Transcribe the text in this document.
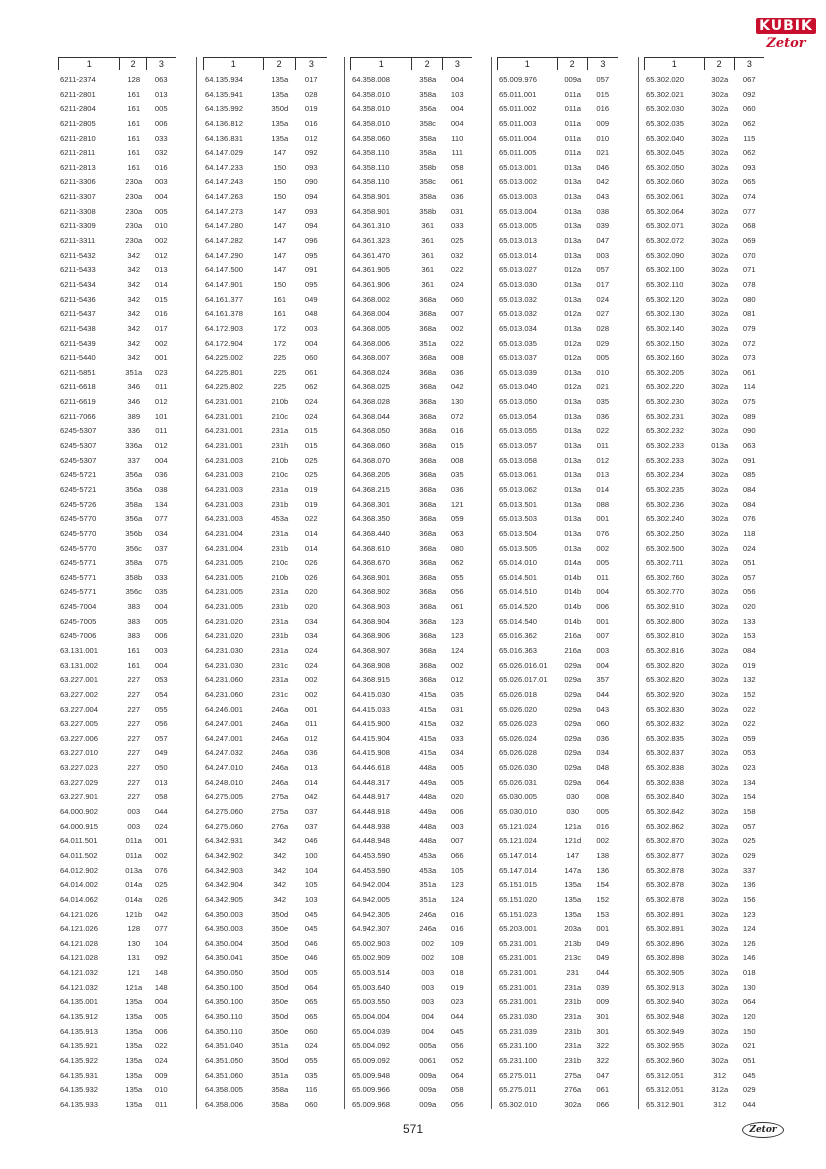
KUBIK
Zetor
1	2	3
6211-2374	128	063
6211-2801	161	013
6211-2804	161	005
6211-2805	161	006
6211-2810	161	033
6211-2811	161	032
6211-2813	161	016
6211-3306	230a	003
6211-3307	230a	004
6211-3308	230a	005
6211-3309	230a	010
6211-3311	230a	002
6211-5432	342	012
6211-5433	342	013
6211-5434	342	014
6211-5436	342	015
6211-5437	342	016
6211-5438	342	017
6211-5439	342	002
6211-5440	342	001
6211-5851	351a	023
6211-6618	346	011
6211-6619	346	012
6211-7066	389	101
6245-5307	336	011
6245-5307	336a	012
6245-5307	337	004
6245-5721	356a	036
6245-5721	356a	038
6245-5726	358a	134
6245-5770	356a	077
6245-5770	356b	034
6245-5770	356c	037
6245-5771	358a	075
6245-5771	358b	033
6245-5771	356c	035
6245-7004	383	004
6245-7005	383	005
6245-7006	383	006
63.131.001	161	003
63.131.002	161	004
63.227.001	227	053
63.227.002	227	054
63.227.004	227	055
63.227.005	227	056
63.227.006	227	057
63.227.010	227	049
63.227.023	227	050
63.227.029	227	013
63.227.901	227	058
64.000.902	003	044
64.000.915	003	024
64.011.501	011a	001
64.011.502	011a	002
64.012.902	013a	076
64.014.002	014a	025
64.014.062	014a	026
64.121.026	121b	042
64.121.026	128	077
64.121.028	130	104
64.121.028	131	092
64.121.032	121	148
64.121.032	121a	148
64.135.001	135a	004
64.135.912	135a	005
64.135.913	135a	006
64.135.921	135a	022
64.135.922	135a	024
64.135.931	135a	009
64.135.932	135a	010
64.135.933	135a	011
1	2	3
64.135.934	135a	017
64.135.941	135a	028
64.135.992	350d	019
64.136.812	135a	016
64.136.831	135a	012
64.147.029	147	092
64.147.233	150	093
64.147.243	150	090
64.147.263	150	094
64.147.273	147	093
64.147.280	147	094
64.147.282	147	096
64.147.290	147	095
64.147.500	147	091
64.147.901	150	095
64.161.377	161	049
64.161.378	161	048
64.172.903	172	003
64.172.904	172	004
64.225.002	225	060
64.225.801	225	061
64.225.802	225	062
64.231.001	210b	024
64.231.001	210c	024
64.231.001	231a	015
64.231.001	231h	015
64.231.003	210b	025
64.231.003	210c	025
64.231.003	231a	019
64.231.003	231b	019
64.231.003	453a	022
64.231.004	231a	014
64.231.004	231b	014
64.231.005	210c	026
64.231.005	210b	026
64.231.005	231a	020
64.231.005	231b	020
64.231.020	231a	034
64.231.020	231b	034
64.231.030	231a	024
64.231.030	231c	024
64.231.060	231a	002
64.231.060	231c	002
64.246.001	246a	001
64.247.001	246a	011
64.247.001	246a	012
64.247.032	246a	036
64.247.010	246a	013
64.248.010	246a	014
64.275.005	275a	042
64.275.060	275a	037
64.275.060	276a	037
64.342.931	342	046
64.342.902	342	100
64.342.903	342	104
64.342.904	342	105
64.342.905	342	103
64.350.003	350d	045
64.350.003	350e	045
64.350.004	350d	046
64.350.041	350e	046
64.350.050	350d	005
64.350.100	350d	064
64.350.100	350e	065
64.350.110	350d	065
64.350.110	350e	060
64.351.040	351a	024
64.351.050	350d	055
64.351.060	351a	035
64.358.005	358a	116
64.358.006	358a	060
1	2	3
64.358.008	358a	004
64.358.010	358a	103
64.358.010	356a	004
64.358.010	358c	004
64.358.060	358a	110
64.358.110	358a	111
64.358.110	358b	058
64.358.110	358c	061
64.358.901	358a	036
64.358.901	358b	031
64.361.310	361	033
64.361.323	361	025
64.361.470	361	032
64.361.905	361	022
64.361.906	361	024
64.368.002	368a	060
64.368.004	368a	007
64.368.005	368a	002
64.368.006	351a	022
64.368.007	368a	008
64.368.024	368a	036
64.368.025	368a	042
64.368.028	368a	130
64.368.044	368a	072
64.368.050	368a	016
64.368.060	368a	015
64.368.070	368a	008
64.368.205	368a	035
64.368.215	368a	036
64.368.301	368a	121
64.368.350	368a	059
64.368.440	368a	063
64.368.610	368a	080
64.368.670	368a	062
64.368.901	368a	055
64.368.902	368a	056
64.368.903	368a	061
64.368.904	368a	123
64.368.906	368a	123
64.368.907	368a	124
64.368.908	368a	002
64.368.915	368a	012
64.415.030	415a	035
64.415.033	415a	031
64.415.900	415a	032
64.415.904	415a	033
64.415.908	415a	034
64.446.618	448a	005
64.448.317	449a	005
64.448.917	448a	020
64.448.918	449a	006
64.448.938	448a	003
64.448.948	448a	007
64.453.590	453a	066
64.453.590	453a	105
64.942.004	351a	123
64.942.005	351a	124
64.942.305	246a	016
64.942.307	246a	016
65.002.903	002	109
65.002.909	002	108
65.003.514	003	018
65.003.640	003	019
65.003.550	003	023
65.004.004	004	044
65.004.039	004	045
65.004.092	005a	056
65.009.092	0061	052
65.009.948	009a	064
65.009.966	009a	058
65.009.968	009a	056
1	2	3
65.009.976	009a	057
65.011.001	011a	015
65.011.002	011a	016
65.011.003	011a	009
65.011.004	011a	010
65.011.005	011a	021
65.013.001	013a	046
65.013.002	013a	042
65.013.003	013a	043
65.013.004	013a	038
65.013.005	013a	039
65.013.013	013a	047
65.013.014	013a	003
65.013.027	012a	057
65.013.030	013a	017
65.013.032	013a	024
65.013.032	012a	027
65.013.034	013a	028
65.013.035	012a	029
65.013.037	012a	005
65.013.039	013a	010
65.013.040	012a	021
65.013.050	013a	035
65.013.054	013a	036
65.013.055	013a	022
65.013.057	013a	011
65.013.058	013a	012
65.013.061	013a	013
65.013.062	013a	014
65.013.501	013a	088
65.013.503	013a	001
65.013.504	013a	076
65.013.505	013a	002
65.014.010	014a	005
65.014.501	014b	011
65.014.510	014b	004
65.014.520	014b	006
65.014.540	014b	001
65.016.362	216a	007
65.016.363	216a	003
65.026.016.01	029a	004
65.026.017.01	029a	357
65.026.018	029a	044
65.026.020	029a	043
65.026.023	029a	060
65.026.024	029a	036
65.026.028	029a	034
65.026.030	029a	048
65.026.031	029a	064
65.030.005	030	008
65.030.010	030	005
65.121.024	121a	016
65.121.024	121d	002
65.147.014	147	138
65.147.014	147a	136
65.151.015	135a	154
65.151.020	135a	152
65.151.023	135a	153
65.203.001	203a	001
65.231.001	213b	049
65.231.001	213c	049
65.231.001	231	044
65.231.001	231a	039
65.231.001	231b	009
65.231.030	231a	301
65.231.039	231b	301
65.231.100	231a	322
65.231.100	231b	322
65.275.011	275a	047
65.275.011	276a	061
65.302.010	302a	066
1	2	3
65.302.020	302a	067
65.302.021	302a	092
65.302.030	302a	060
65.302.035	302a	062
65.302.040	302a	115
65.302.045	302a	062
65.302.050	302a	093
65.302.060	302a	065
65.302.061	302a	074
65.302.064	302a	077
65.302.071	302a	068
65.302.072	302a	069
65.302.090	302a	070
65.302.100	302a	071
65.302.110	302a	078
65.302.120	302a	080
65.302.130	302a	081
65.302.140	302a	079
65.302.150	302a	072
65.302.160	302a	073
65.302.205	302a	061
65.302.220	302a	114
65.302.230	302a	075
65.302.231	302a	089
65.302.232	302a	090
65.302.233	013a	063
65.302.233	302a	091
65.302.234	302a	085
65.302.235	302a	084
65.302.236	302a	084
65.302.240	302a	076
65.302.250	302a	118
65.302.500	302a	024
65.302.711	302a	051
65.302.760	302a	057
65.302.770	302a	056
65.302.910	302a	020
65.302.800	302a	133
65.302.810	302a	153
65.302.816	302a	084
65.302.820	302a	019
65.302.820	302a	132
65.302.920	302a	152
65.302.830	302a	022
65.302.832	302a	022
65.302.835	302a	059
65.302.837	302a	053
65.302.838	302a	023
65.302.838	302a	134
65.302.840	302a	154
65.302.842	302a	158
65.302.862	302a	057
65.302.870	302a	025
65.302.877	302a	029
65.302.878	302a	337
65.302.878	302a	136
65.302.878	302a	156
65.302.891	302a	123
65.302.891	302a	124
65.302.896	302a	126
65.302.898	302a	146
65.302.905	302a	018
65.302.913	302a	130
65.302.940	302a	064
65.302.948	302a	120
65.302.949	302a	150
65.302.955	302a	021
65.302.960	302a	051
65.312.051	312	045
65.312.051	312a	029
65.312.901	312	044
571	Zetor
